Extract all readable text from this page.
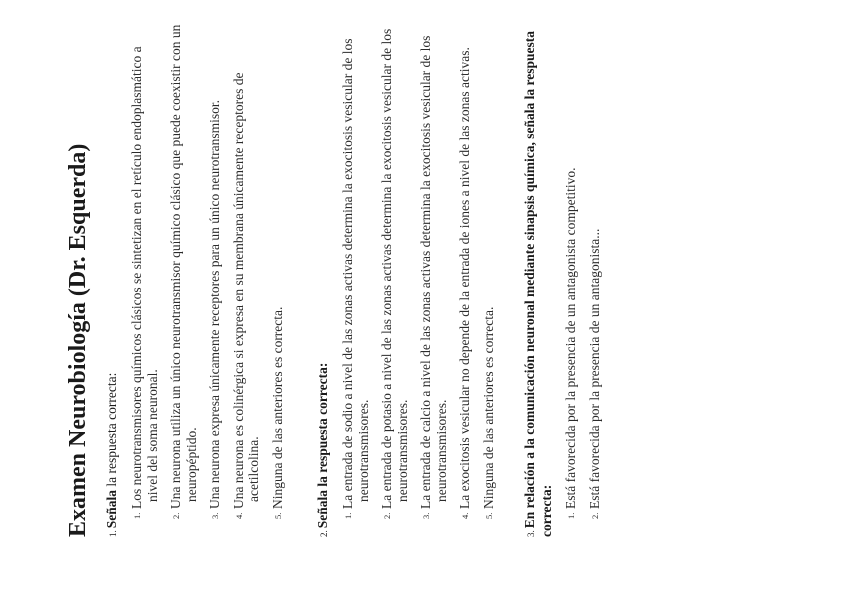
Examen Neurobiología (Dr. Esquerda)	1.Señala la respuesta correcta:
1.
Los neurotransmisores químicos clásicos se sintetizan en el retículo endoplasmático a nivel del soma neuronal.
2.
Una neurona utiliza un único neurotransmisor químico clásico que puede coexistir con un neuropéptido.
3.
Una neurona expresa únicamente receptores para un único neurotransmisor.
4.
Una neurona es colinérgica si expresa en su membrana únicamente receptores de acetilcolina.
5.
Ninguna de las anteriores es correcta.
2.Señala la respuesta correcta: 1.
La entrada de sodio a nivel de las zonas activas determina la exocitosis vesicular de los neurotransmisores.
2.
La entrada de potasio a nivel de las zonas activas determina la exocitosis vesicular de los neurotransmisores.
3.
La entrada de calcio a nivel de las zonas activas determina la exocitosis vesicular de los neurotransmisores.
4.
La exocitosis vesicular no depende de la entrada de iones a nivel de las zonas activas.
5.
Ninguna de las anteriores es correcta.
3.En relación a la comunicación neuronal mediante sinapsis química, señala la respuesta correcta: 1.
Está favorecida por la presencia de un antagonista competitivo.
2.
Está favorecida por la presencia de un antagonista...
